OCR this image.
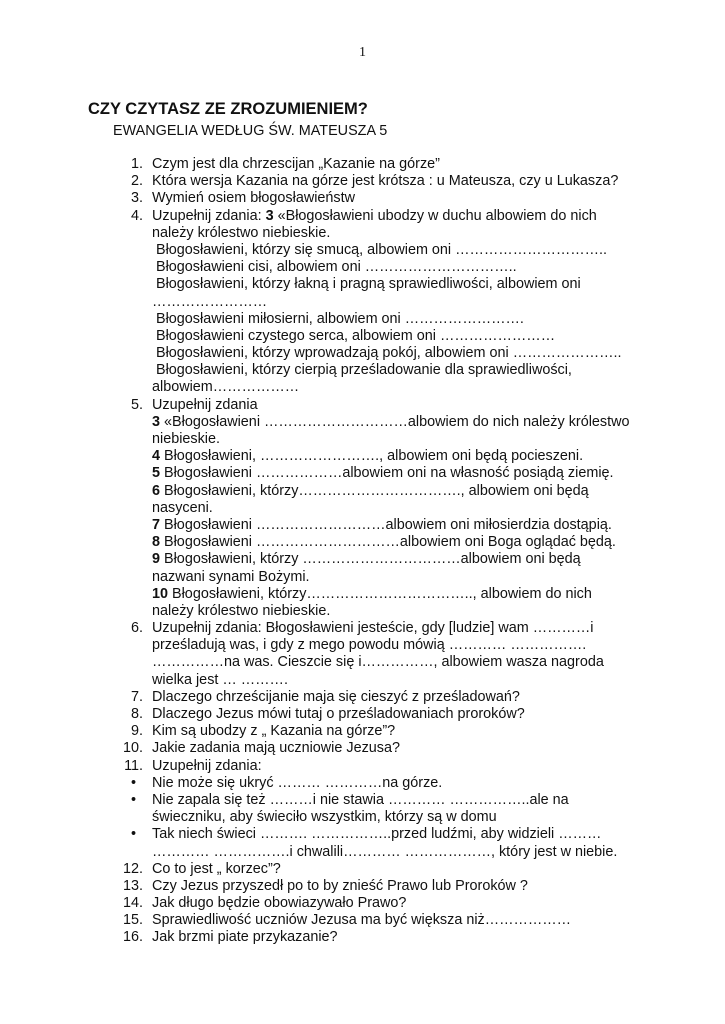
1
CZY CZYTASZ ZE ZROZUMIENIEM?
EWANGELIA WEDŁUG ŚW. MATEUSZA 5
1. Czym jest dla chrzescijan „Kazanie na górze”
2. Która wersja Kazania na górze jest krótsza : u Mateusza, czy u Lukasza?
3. Wymień osiem błogosławieństw
4. Uzupełnij zdania: 3 «Błogosławieni ubodzy w duchu albowiem do nich
należy królestwo niebieskie.
Błogosławieni, którzy się smucą, albowiem oni …………………………..
Błogosławieni cisi, albowiem oni …………………………..
Błogosławieni, którzy łakną i pragną sprawiedliwości, albowiem oni
……………………
Błogosławieni miłosierni, albowiem oni …………………….
Błogosławieni czystego serca, albowiem oni ……………………
Błogosławieni, którzy wprowadzają pokój, albowiem oni …………………..
Błogosławieni, którzy cierpią prześladowanie dla sprawiedliwości,
albowiem………………
5. Uzupełnij zdania
3 «Błogosławieni …………………………albowiem do nich należy królestwo
niebieskie.
4 Błogosławieni, ……………………., albowiem oni będą pocieszeni.
5 Błogosławieni ………………albowiem oni na własność posiądą ziemię.
6 Błogosławieni, którzy……………………………., albowiem oni będą
nasyceni.
7 Błogosławieni ………………………albowiem oni miłosierdzia dostąpią.
8 Błogosławieni …………………………albowiem oni Boga oglądać będą.
9 Błogosławieni, którzy ……………………………albowiem oni będą
nazwani synami Bożymi.
10 Błogosławieni, którzy…………………………….., albowiem do nich
należy królestwo niebieskie.
6. Uzupełnij zdania: Błogosławieni jesteście, gdy [ludzie] wam …………i
prześladują was, i gdy z mego powodu mówią ………… …………….
……………na was. Cieszcie się i……………, albowiem wasza nagroda
wielka jest … ……….
7. Dlaczego chrześcijanie maja się cieszyć z prześladowań?
8. Dlaczego Jezus mówi tutaj o prześladowaniach proroków?
9. Kim są ubodzy z „ Kazania na górze”?
10. Jakie zadania mają uczniowie Jezusa?
11. Uzupełnij zdania:
• Nie może się ukryć ……… …………na górze.
• Nie zapala się też ………i nie stawia ………… ……………..ale na
świeczniku, aby świeciło wszystkim, którzy są w domu
• Tak niech świeci ………. ……………..przed ludźmi, aby widzieli ………
………… …………….i chwalili………… ………………, który jest w niebie.
12. Co to jest „ korzec”?
13. Czy Jezus przyszedł po to by znieść Prawo lub Proroków ?
14. Jak długo będzie obowiazywało Prawo?
15. Sprawiedliwość uczniów Jezusa ma być większa niż………………
16. Jak brzmi piate przykazanie?
